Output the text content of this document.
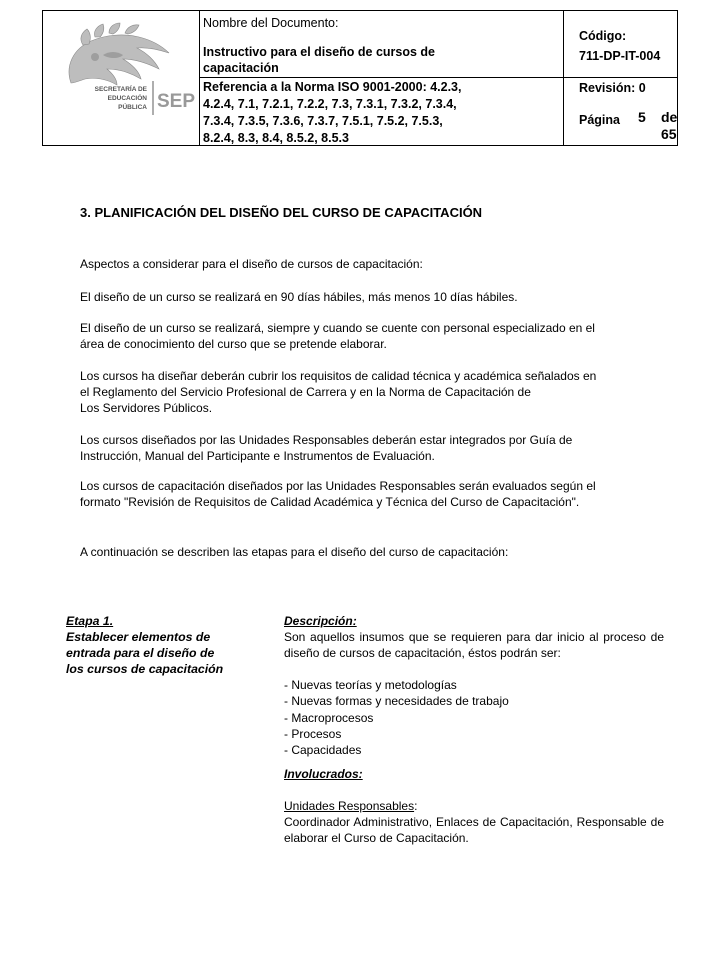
SECRETARÍA DE
EDUCACIÓN
PÚBLICA SEP
Nombre del Documento:
Instructivo para el diseño de cursos de
capacitación
Referencia a la Norma ISO 9001-2000: 4.2.3,
4.2.4, 7.1, 7.2.1, 7.2.2, 7.3, 7.3.1, 7.3.2, 7.3.4,
7.3.4, 7.3.5, 7.3.6, 7.3.7, 7.5.1, 7.5.2, 7.5.3,
8.2.4, 8.3, 8.4, 8.5.2, 8.5.3
Código:
711-DP-IT-004
Revisión: 0
Página 5 de 65
3. PLANIFICACIÓN DEL DISEÑO DEL CURSO DE CAPACITACIÓN
Aspectos a considerar para el diseño de cursos de capacitación:
El diseño de un curso se realizará en 90 días hábiles, más menos 10 días hábiles.
El diseño de un curso se realizará, siempre y cuando se cuente con personal especializado en el
área de conocimiento del curso que se pretende elaborar.
Los cursos ha diseñar deberán cubrir los requisitos de calidad técnica y académica señalados en
el Reglamento del Servicio Profesional de Carrera y en la Norma de Capacitación de
Los Servidores Públicos.
Los cursos diseñados por las Unidades Responsables deberán estar integrados por Guía de
Instrucción, Manual del Participante e Instrumentos de Evaluación.
Los cursos de capacitación diseñados por las Unidades Responsables serán evaluados según el
formato "Revisión de Requisitos de Calidad Académica y Técnica del Curso de Capacitación".
A continuación se describen las etapas para el diseño del curso de capacitación:
Etapa 1.
Establecer elementos de
entrada para el diseño de
los cursos de capacitación
Descripción:
Son aquellos insumos que se requieren para dar inicio al proceso de diseño de cursos de capacitación, éstos podrán ser:
- Nuevas teorías y metodologías
- Nuevas formas y necesidades de trabajo
- Macroprocesos
- Procesos
- Capacidades
Involucrados:
Unidades Responsables:
Coordinador Administrativo, Enlaces de Capacitación, Responsable de elaborar el Curso de Capacitación.
